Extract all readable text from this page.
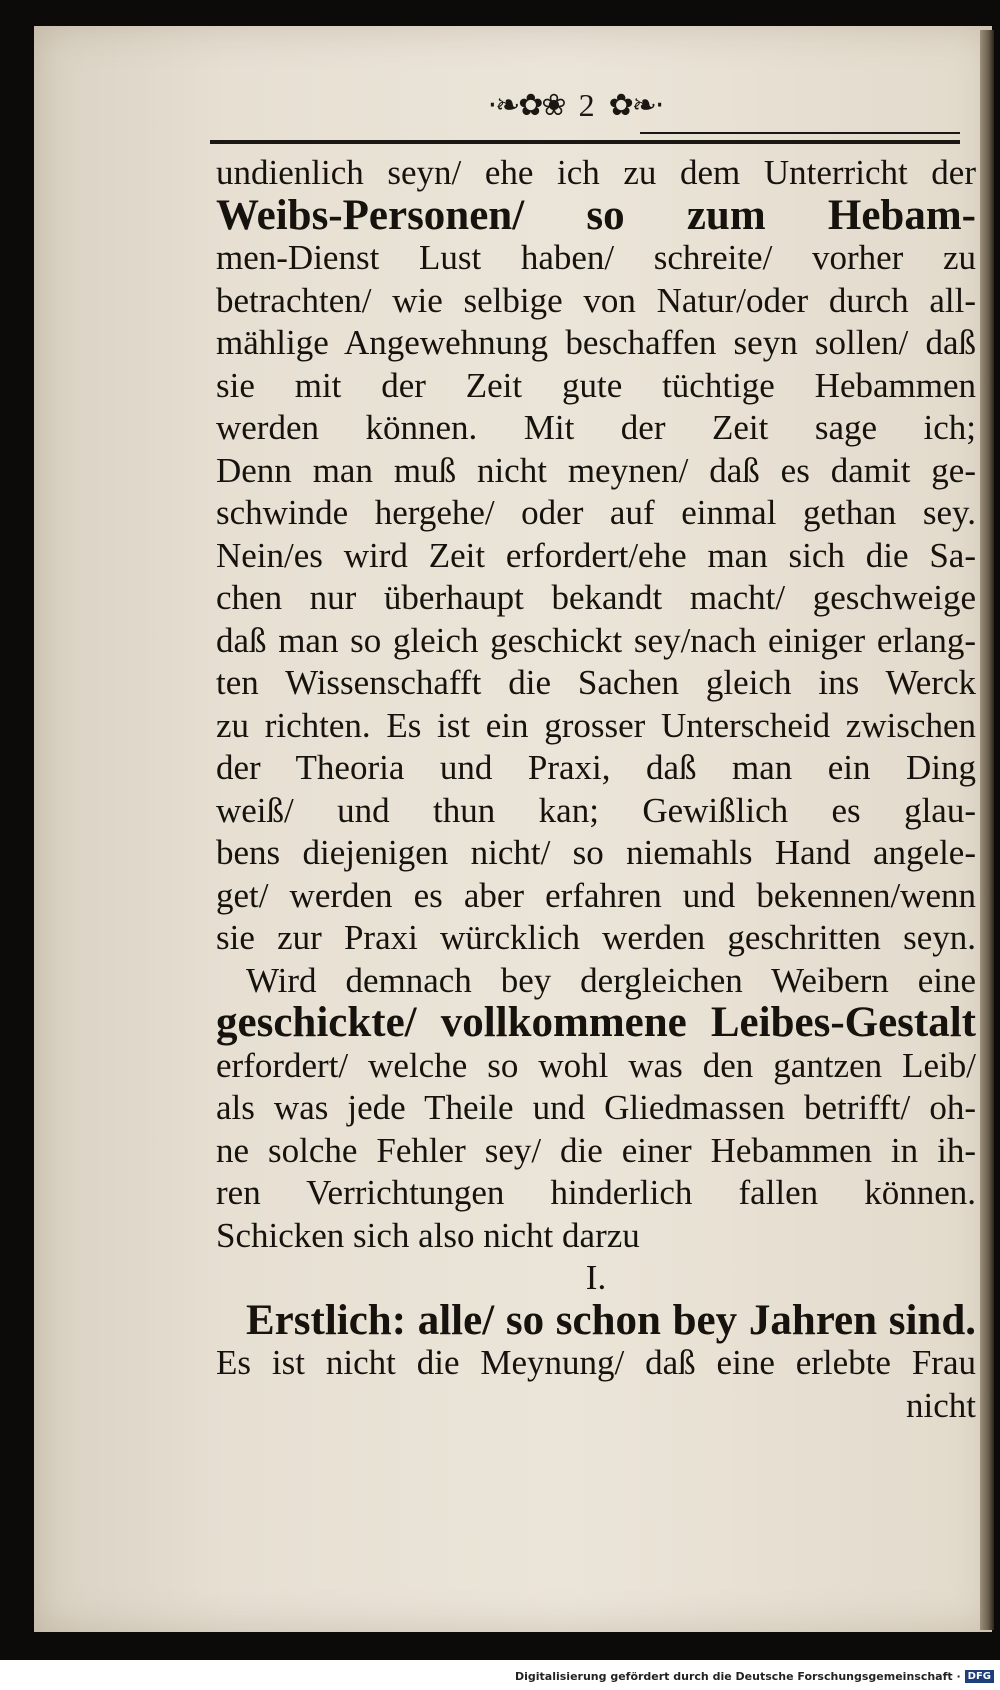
·❧✿❀ 2 ✿❧·
undienlich seyn/ ehe ich zu dem Unterricht der
Weibs-Personen/ so zum Hebam-
men-Dienst Lust haben/ schreite/ vorher zu
betrachten/ wie selbige von Natur/oder durch all-
mählige Angewehnung beschaffen seyn sollen/ daß
sie mit der Zeit gute tüchtige Hebammen
werden können. Mit der Zeit sage ich;
Denn man muß nicht meynen/ daß es damit ge-
schwinde hergehe/ oder auf einmal gethan sey.
Nein/es wird Zeit erfordert/ehe man sich die Sa-
chen nur überhaupt bekandt macht/ geschweige
daß man so gleich geschickt sey/nach einiger erlang-
ten Wissenschafft die Sachen gleich ins Werck
zu richten. Es ist ein grosser Unterscheid zwischen
der Theoria und Praxi, daß man ein Ding
weiß/ und thun kan; Gewißlich es glau-
bens diejenigen nicht/ so niemahls Hand angele-
get/ werden es aber erfahren und bekennen/wenn
sie zur Praxi würcklich werden geschritten seyn.
Wird demnach bey dergleichen Weibern eine
geschickte/ vollkommene Leibes-Gestalt
erfordert/ welche so wohl was den gantzen Leib/
als was jede Theile und Gliedmassen betrifft/ oh-
ne solche Fehler sey/ die einer Hebammen in ih-
ren Verrichtungen hinderlich fallen können.
Schicken sich also nicht darzu
I.
Erstlich: alle/ so schon bey Jahren sind.
Es ist nicht die Meynung/ daß eine erlebte Frau
nicht
Digitalisierung gefördert durch die Deutsche Forschungsgemeinschaft · DFG
